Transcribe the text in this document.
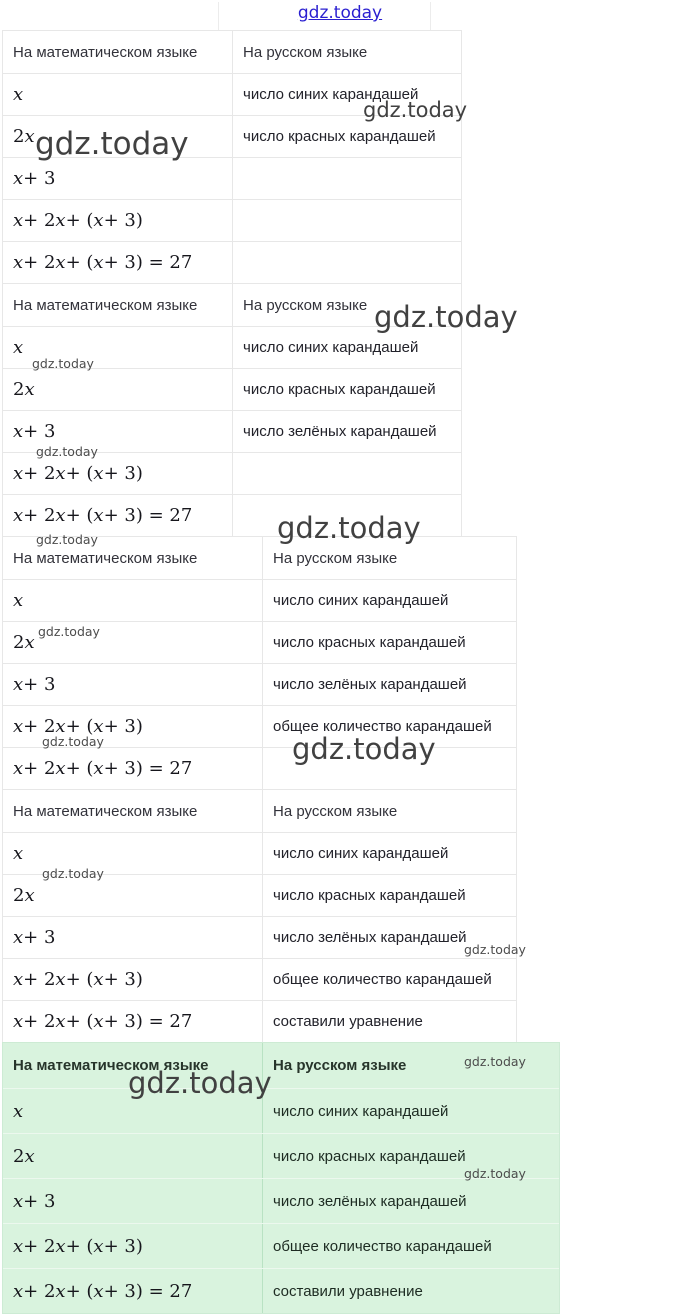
gdz.today
gdz.today
gdz.today
gdz.today
gdz.today
gdz.today
gdz.today
gdz.today
gdz.today
gdz.today
gdz.today
gdz.today
gdz.today
gdz.today
gdz.today
gdz.today
На математическом языке	На русском языке
x	число синих карандашей
2 x	число красных карандашей
x + 3
x + 2 x + ( x + 3)
x + 2 x + ( x + 3) = 27
На математическом языке	На русском языке
x	число синих карандашей
2 x	число красных карандашей
x + 3	число зелёных карандашей
x + 2 x + ( x + 3)
x + 2 x + ( x + 3) = 27
На математическом языке	На русском языке
x	число синих карандашей
2 x	число красных карандашей
x + 3	число зелёных карандашей
x + 2 x + ( x + 3)	общее количество карандашей
x + 2 x + ( x + 3) = 27
На математическом языке	На русском языке
x	число синих карандашей
2 x	число красных карандашей
x + 3	число зелёных карандашей
x + 2 x + ( x + 3)	общее количество карандашей
x + 2 x + ( x + 3) = 27	составили уравнение
На математическом языке	На русском языке
x	число синих карандашей
2 x	число красных карандашей
x + 3	число зелёных карандашей
x + 2 x + ( x + 3)	общее количество карандашей
x + 2 x + ( x + 3) = 27	составили уравнение
